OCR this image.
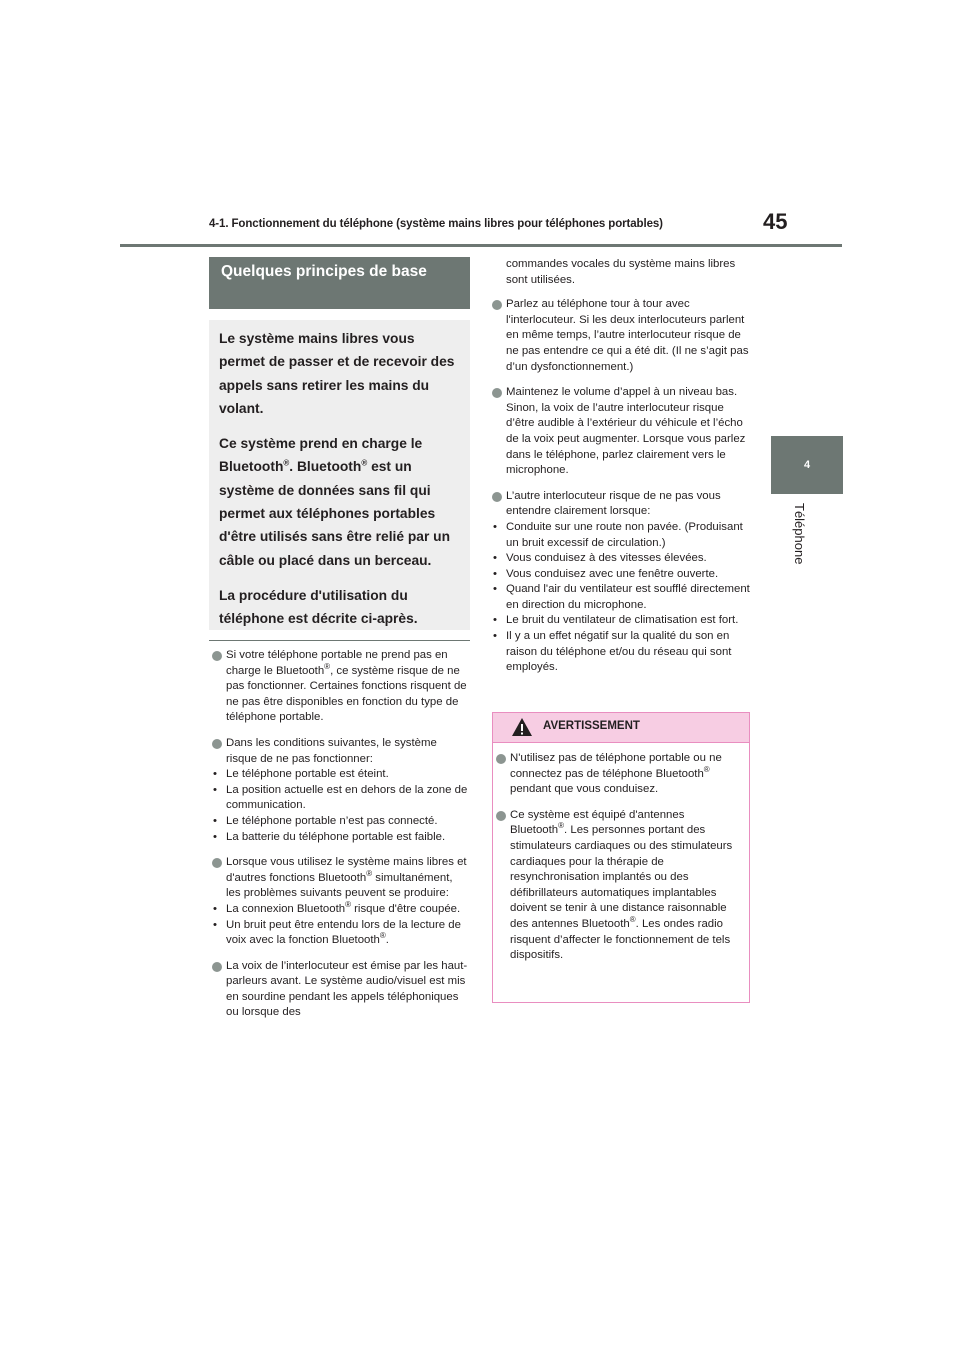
4-1. Fonctionnement du téléphone (système mains libres pour téléphones portables)	45
4
Téléphone
Quelques principes de base

Le système mains libres vous permet de passer et de recevoir des appels sans retirer les mains du volant.

Ce système prend en charge le Bluetooth®. Bluetooth® est un système de données sans fil qui permet aux téléphones portables d'être utilisés sans être relié par un câble ou placé dans un berceau.

La procédure d'utilisation du téléphone est décrite ci-après.

Si votre téléphone portable ne prend pas en charge le Bluetooth®, ce système risque de ne pas fonctionner. Certaines fonctions risquent de ne pas être disponibles en fonction du type de téléphone portable.
Dans les conditions suivantes, le système risque de ne pas fonctionner:
• Le téléphone portable est éteint.
• La position actuelle est en dehors de la zone de communication.
• Le téléphone portable n’est pas connecté.
• La batterie du téléphone portable est faible.
Lorsque vous utilisez le système mains libres et d'autres fonctions Bluetooth® simultanément, les problèmes suivants peuvent se produire:
• La connexion Bluetooth® risque d'être coupée.
• Un bruit peut être entendu lors de la lecture de voix avec la fonction Bluetooth®.
La voix de l’interlocuteur est émise par les haut-parleurs avant. Le système audio/visuel est mis en sourdine pendant les appels téléphoniques ou lorsque des
commandes vocales du système mains libres sont utilisées.
Parlez au téléphone tour à tour avec l'interlocuteur. Si les deux interlocuteurs parlent en même temps, l’autre interlocuteur risque de ne pas entendre ce qui a été dit. (Il ne s’agit pas d’un dysfonctionnement.)
Maintenez le volume d’appel à un niveau bas. Sinon, la voix de l’autre interlocuteur risque d’être audible à l’extérieur du véhicule et l’écho de la voix peut augmenter. Lorsque vous parlez dans le téléphone, parlez clairement vers le microphone.
L’autre interlocuteur risque de ne pas vous entendre clairement lorsque:
• Conduite sur une route non pavée. (Produisant un bruit excessif de circulation.)
• Vous conduisez à des vitesses élevées.
• Vous conduisez avec une fenêtre ouverte.
• Quand l'air du ventilateur est soufflé directement en direction du microphone.
• Le bruit du ventilateur de climatisation est fort.
• Il y a un effet négatif sur la qualité du son en raison du téléphone et/ou du réseau qui sont employés.
AVERTISSEMENT
N'utilisez pas de téléphone portable ou ne connectez pas de téléphone Bluetooth® pendant que vous conduisez.
Ce système est équipé d'antennes Bluetooth®. Les personnes portant des stimulateurs cardiaques ou des stimulateurs cardiaques pour la thérapie de resynchronisation implantés ou des défibrillateurs automatiques implantables doivent se tenir à une distance raisonnable des antennes Bluetooth®. Les ondes radio risquent d’affecter le fonctionnement de tels dispositifs.
